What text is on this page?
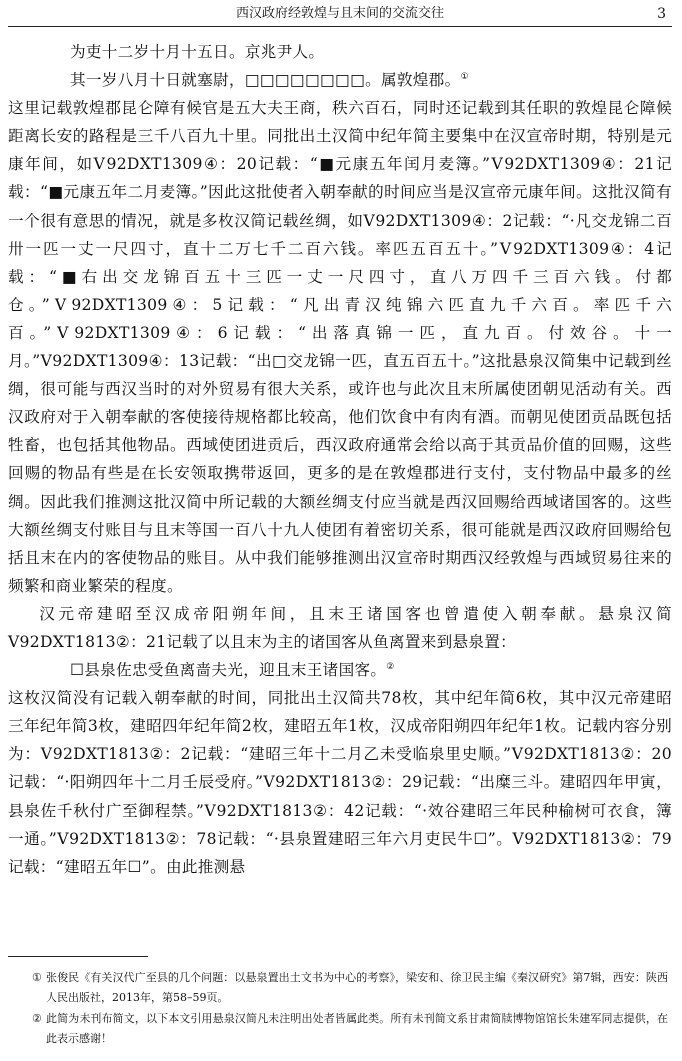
西汉政府经敦煌与且末间的交流交往	3

为吏十二岁十月十五日。京兆尹人。

其一岁八月十日就塞尉，□□□□□□□□。属敦煌郡。①

这里记载敦煌郡昆仑障有候官是五大夫王商，秩六百石，同时还记载到其任职的敦煌昆仑障候距离长安的路程是三千八百九十里。同批出土汉简中纪年简主要集中在汉宣帝时期，特别是元康年间，如Ⅴ92DXT1309④：20记载：“■元康五年闰月麦簿。”Ⅴ92DXT1309④：21记载：“■元康五年二月麦簿。”因此这批使者入朝奉献的时间应当是汉宣帝元康年间。这批汉简有一个很有意思的情况，就是多枚汉简记载丝绸，如Ⅴ92DXT1309④：2记载：“·凡交龙锦二百卅一匹一丈一尺四寸，直十二万七千二百六钱。率匹五百五十。”Ⅴ92DXT1309④：4记载：“■右出交龙锦百五十三匹一丈一尺四寸，直八万四千三百六钱。付都仓。”Ⅴ92DXT1309④：5记载：“凡出青汉纯锦六匹直九千六百。率匹千六百。”Ⅴ92DXT1309④：6记载：“出落真锦一匹，直九百。付效谷。十一月。”Ⅴ92DXT1309④：13记载：“出□交龙锦一匹，直五百五十。”这批悬泉汉简集中记载到丝绸，很可能与西汉当时的对外贸易有很大关系，或许也与此次且末所属使团朝见活动有关。西汉政府对于入朝奉献的客使接待规格都比较高，他们饮食中有肉有酒。而朝见使团贡品既包括牲畜，也包括其他物品。西域使团进贡后，西汉政府通常会给以高于其贡品价值的回赐，这些回赐的物品有些是在长安领取携带返回，更多的是在敦煌郡进行支付，支付物品中最多的丝绸。因此我们推测这批汉简中所记载的大额丝绸支付应当就是西汉回赐给西域诸国客的。这些大额丝绸支付账目与且末等国一百八十九人使团有着密切关系，很可能就是西汉政府回赐给包括且末在内的客使物品的账目。从中我们能够推测出汉宣帝时期西汉经敦煌与西域贸易往来的频繁和商业繁荣的程度。

汉元帝建昭至汉成帝阳朔年间，且末王诸国客也曾遣使入朝奉献。悬泉汉简Ⅴ92DXT1813②：21记载了以且末为主的诸国客从鱼离置来到悬泉置：

☐县泉佐忠受鱼离啬夫光，迎且末王诸国客。②

这枚汉简没有记载入朝奉献的时间，同批出土汉简共78枚，其中纪年简6枚，其中汉元帝建昭三年纪年简3枚，建昭四年纪年简2枚，建昭五年1枚，汉成帝阳朔四年纪年1枚。记载内容分别为：Ⅴ92DXT1813②：2记载：“建昭三年十二月乙未受临泉里史顺。”Ⅴ92DXT1813②：20记载：“·阳朔四年十二月壬辰受府。”Ⅴ92DXT1813②：29记载：“出糜三斗。建昭四年甲寅，县泉佐千秋付广至御程禁。”Ⅴ92DXT1813②：42记载：“·效谷建昭三年民种榆树可衣食，簿一通。”Ⅴ92DXT1813②：78记载：“·县泉置建昭三年六月吏民牛☐”。Ⅴ92DXT1813②：79记载：“建昭五年☐”。由此推测悬

① 张俊民《有关汉代广至县的几个问题：以悬泉置出土文书为中心的考察》，梁安和、徐卫民主编《秦汉研究》第7辑，西安：陕西人民出版社，2013年，第58–59页。
② 此简为未刊布简文，以下本文引用悬泉汉简凡未注明出处者皆属此类。所有未刊简文系甘肃简牍博物馆馆长朱建军同志提供，在此表示感谢！
